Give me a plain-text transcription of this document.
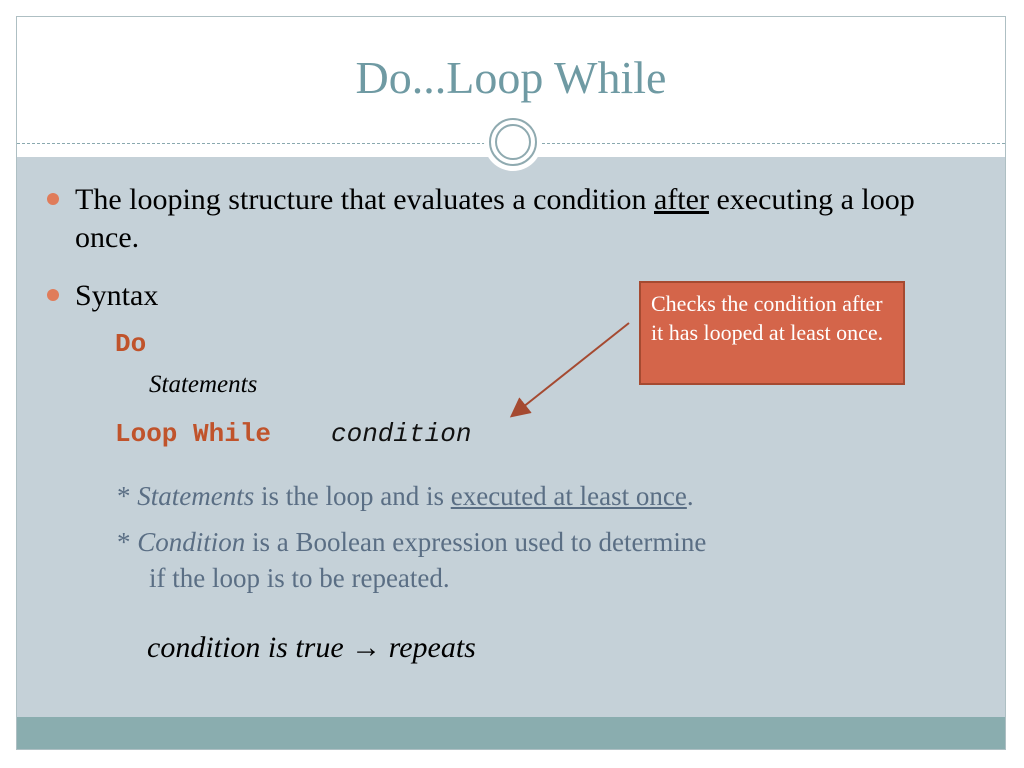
Do...Loop While
The looping structure that evaluates a condition after executing a loop once.
Syntax
Do
Statements
Loop While condition
* Statements is the loop and is executed at least once.
* Condition is a Boolean expression used to determine
if the loop is to be repeated.
condition is true → repeats
Checks the condition after it has looped at least once.
